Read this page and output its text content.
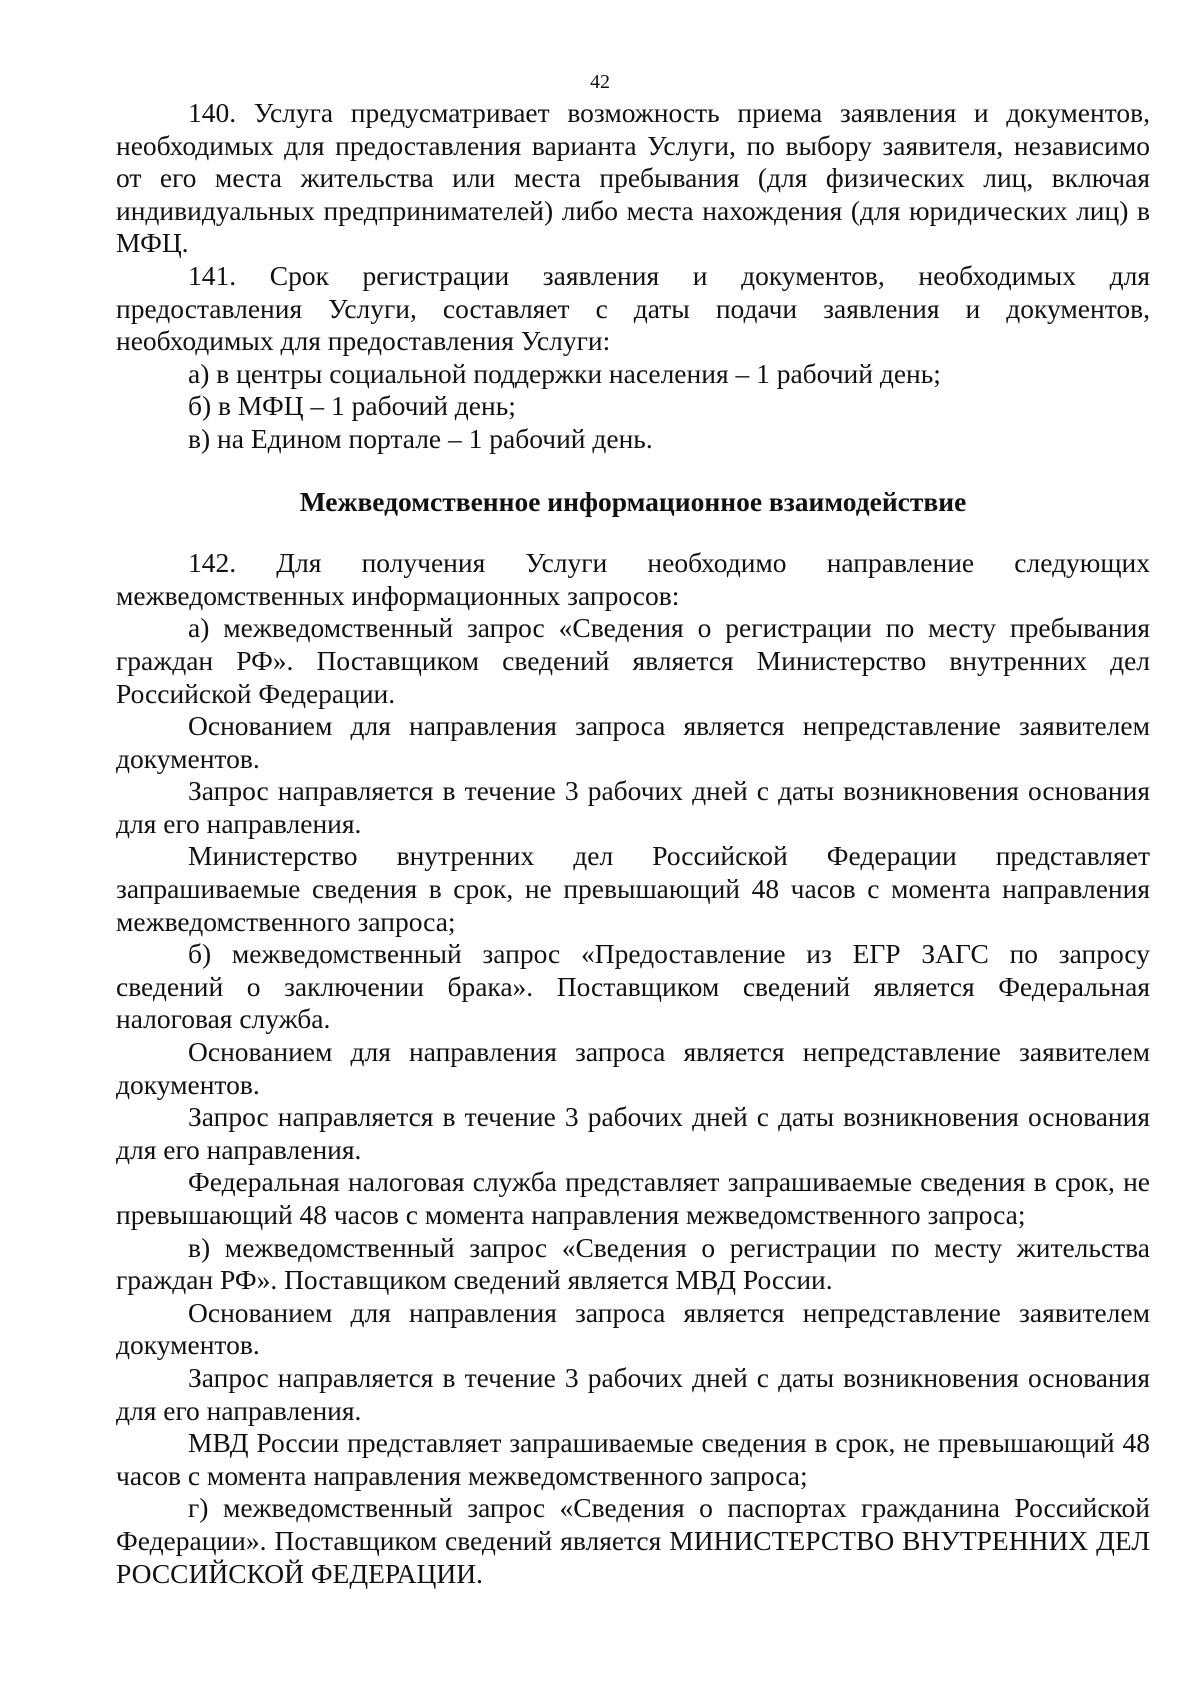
42

140. Услуга предусматривает возможность приема заявления и документов, необходимых для предоставления варианта Услуги, по выбору заявителя, независимо от его места жительства или места пребывания (для физических лиц, включая индивидуальных предпринимателей) либо места нахождения (для юридических лиц) в МФЦ.

141. Срок регистрации заявления и документов, необходимых для предоставления Услуги, составляет с даты подачи заявления и документов, необходимых для предоставления Услуги:

а) в центры социальной поддержки населения – 1 рабочий день;

б) в МФЦ – 1 рабочий день;

в) на Едином портале – 1 рабочий день.

Межведомственное информационное взаимодействие

142. Для получения Услуги необходимо направление следующих межведомственных информационных запросов:

а) межведомственный запрос «Сведения о регистрации по месту пребывания граждан РФ». Поставщиком сведений является Министерство внутренних дел Российской Федерации.

Основанием для направления запроса является непредставление заявителем документов.

Запрос направляется в течение 3 рабочих дней с даты возникновения основания для его направления.

Министерство внутренних дел Российской Федерации представляет запрашиваемые сведения в срок, не превышающий 48 часов с момента направления межведомственного запроса;

б) межведомственный запрос «Предоставление из ЕГР ЗАГС по запросу сведений о заключении брака». Поставщиком сведений является Федеральная налоговая служба.

Основанием для направления запроса является непредставление заявителем документов.

Запрос направляется в течение 3 рабочих дней с даты возникновения основания для его направления.

Федеральная налоговая служба представляет запрашиваемые сведения в срок, не превышающий 48 часов с момента направления межведомственного запроса;

в) межведомственный запрос «Сведения о регистрации по месту жительства граждан РФ». Поставщиком сведений является МВД России.

Основанием для направления запроса является непредставление заявителем документов.

Запрос направляется в течение 3 рабочих дней с даты возникновения основания для его направления.

МВД России представляет запрашиваемые сведения в срок, не превышающий 48 часов с момента направления межведомственного запроса;

г) межведомственный запрос «Сведения о паспортах гражданина Российской Федерации». Поставщиком сведений является МИНИСТЕРСТВО ВНУТРЕННИХ ДЕЛ РОССИЙСКОЙ ФЕДЕРАЦИИ.
